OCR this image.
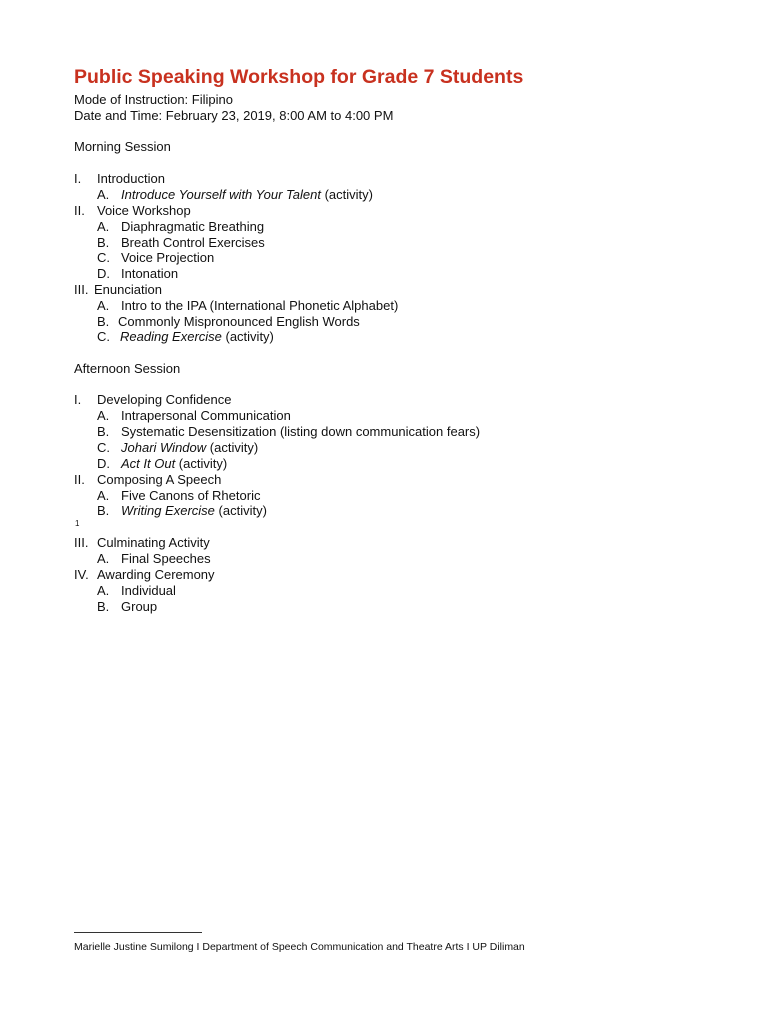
Public Speaking Workshop for Grade 7 Students
Mode of Instruction: Filipino
Date and Time: February 23, 2019, 8:00 AM to 4:00 PM
Morning Session
I. Introduction
A. Introduce Yourself with Your Talent (activity)
II. Voice Workshop
A. Diaphragmatic Breathing
B. Breath Control Exercises
C. Voice Projection
D. Intonation
III. Enunciation
A. Intro to the IPA (International Phonetic Alphabet)
B. Commonly Mispronounced English Words
C. Reading Exercise (activity)
Afternoon Session
I. Developing Confidence
A. Intrapersonal Communication
B. Systematic Desensitization (listing down communication fears)
C. Johari Window (activity)
D. Act It Out (activity)
II. Composing A Speech
A. Five Canons of Rhetoric
B. Writing Exercise (activity)
1
III. Culminating Activity
A. Final Speeches
IV. Awarding Ceremony
A. Individual
B. Group
Marielle Justine Sumilong I Department of Speech Communication and Theatre Arts I UP Diliman
